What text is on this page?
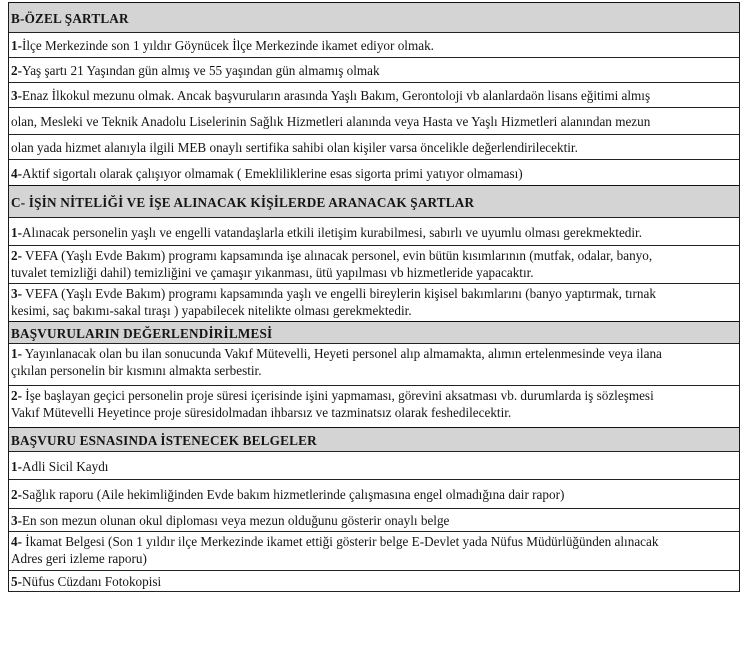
B-ÖZEL ŞARTLAR
1- İlçe Merkezinde son 1 yıldır Göynücek İlçe Merkezinde ikamet ediyor olmak.
2- Yaş şartı 21 Yaşından gün almış ve 55 yaşından gün almamış olmak
3- Enaz İlkokul mezunu olmak. Ancak başvuruların arasında Yaşlı Bakım, Gerontoloji vb alanlardaön lisans eğitimi almış
olan, Mesleki ve Teknik Anadolu Liselerinin Sağlık Hizmetleri alanında veya Hasta ve Yaşlı Hizmetleri alanından mezun
olan yada hizmet alanıyla ilgili MEB onaylı sertifika sahibi olan kişiler varsa öncelikle değerlendirilecektir.
4- Aktif sigortalı olarak çalışıyor olmamak ( Emekliliklerine esas sigorta primi yatıyor olmaması)
C- İŞİN NİTELİĞİ VE İŞE ALINACAK KİŞİLERDE ARANACAK ŞARTLAR
1- Alınacak personelin yaşlı ve engelli vatandaşlarla etkili iletişim kurabilmesi, sabırlı ve uyumlu olması gerekmektedir.

2- VEFA (Yaşlı Evde Bakım) programı kapsamında işe alınacak personel, evin bütün kısımlarının (mutfak, odalar, banyo,

tuvalet temizliği dahil) temizliğini ve çamaşır yıkanması, ütü yapılması vb hizmetleride yapacaktır.

3- VEFA (Yaşlı Evde Bakım) programı kapsamında yaşlı ve engelli bireylerin kişisel bakımlarını (banyo yaptırmak, tırnak

kesimi, saç bakımı-sakal tıraşı ) yapabilecek nitelikte olması gerekmektedir.

BAŞVURULARIN DEĞERLENDİRİLMESİ

1- Yayınlanacak olan bu ilan sonucunda Vakıf Mütevelli, Heyeti personel alıp almamakta, alımın ertelenmesinde veya ilana

çıkılan personelin bir kısmını almakta serbestir.

2- İşe başlayan geçici personelin proje süresi içerisinde işini yapmaması, görevini aksatması vb. durumlarda iş sözleşmesi

Vakıf Mütevelli Heyetince proje süresidolmadan ihbarsız ve tazminatsız olarak feshedilecektir.

BAŞVURU ESNASINDA İSTENECEK BELGELER
1- Adli Sicil Kaydı
2- Sağlık raporu (Aile hekimliğinden Evde bakım hizmetlerinde çalışmasına engel olmadığına dair rapor)
3- En son mezun olunan okul diploması veya mezun olduğunu gösterir onaylı belge

4- İkamat Belgesi (Son 1 yıldır ilçe Merkezinde ikamet ettiği gösterir belge E-Devlet yada Nüfus Müdürlüğünden alınacak

Adres geri izleme raporu)

5- Nüfus Cüzdanı Fotokopisi
